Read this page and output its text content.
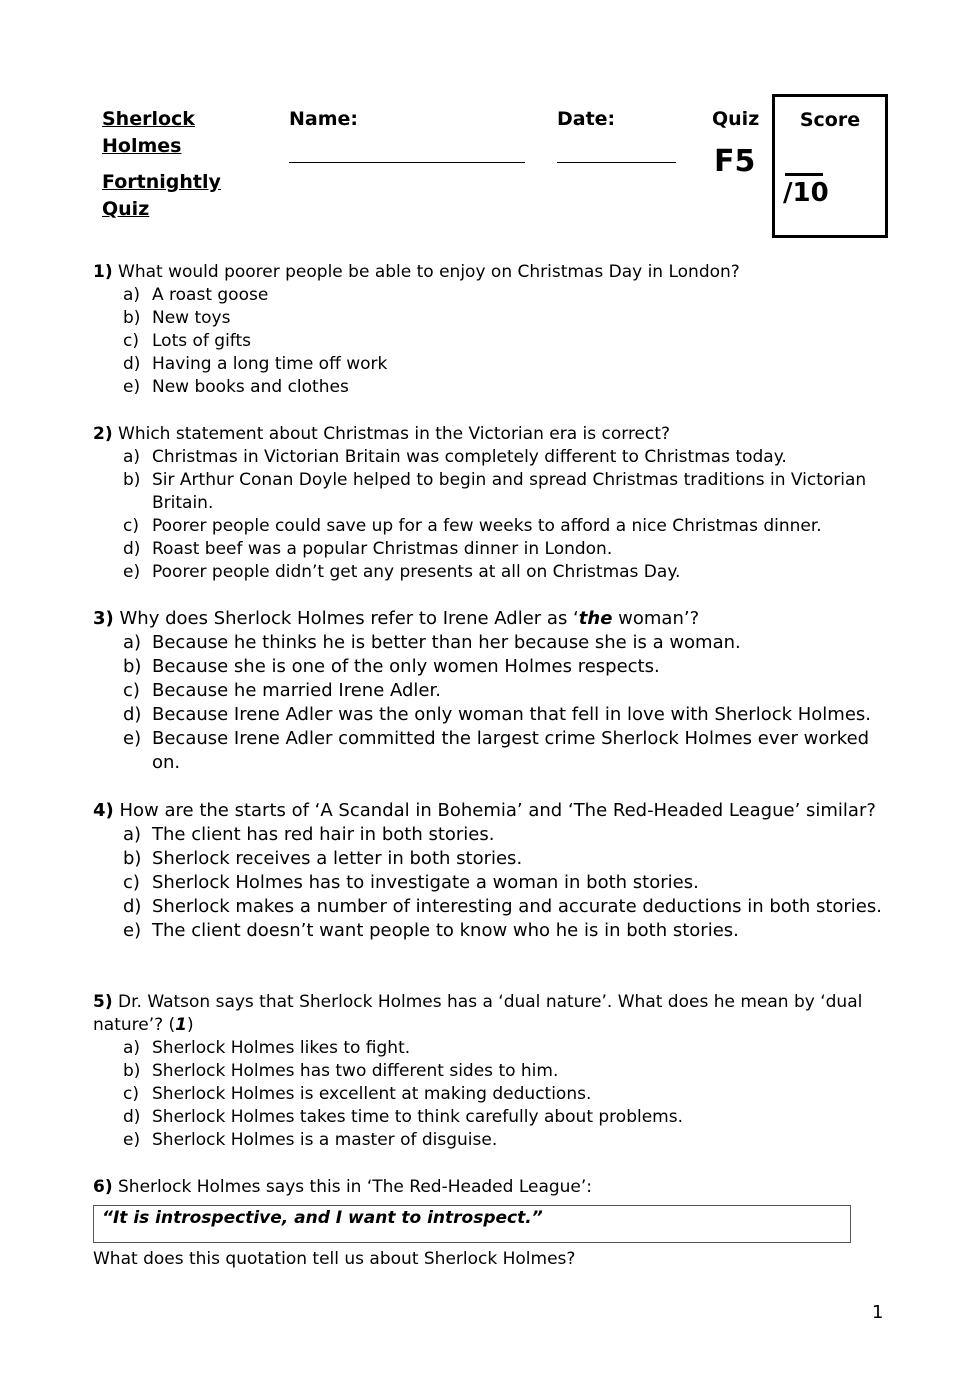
Sherlock
Holmes
Fortnightly
Quiz
Name:	Date:	Quiz
F5
Score
/10
1) What would poorer people be able to enjoy on Christmas Day in London?
a) A roast goose
b) New toys
c) Lots of gifts
d) Having a long time off work
e) New books and clothes
2) Which statement about Christmas in the Victorian era is correct?
a) Christmas in Victorian Britain was completely different to Christmas today.
b) Sir Arthur Conan Doyle helped to begin and spread Christmas traditions in Victorian Britain.
c) Poorer people could save up for a few weeks to afford a nice Christmas dinner.
d) Roast beef was a popular Christmas dinner in London.
e) Poorer people didn’t get any presents at all on Christmas Day.
3) Why does Sherlock Holmes refer to Irene Adler as ‘the woman’?
a) Because he thinks he is better than her because she is a woman.
b) Because she is one of the only women Holmes respects.
c) Because he married Irene Adler.
d) Because Irene Adler was the only woman that fell in love with Sherlock Holmes.
e) Because Irene Adler committed the largest crime Sherlock Holmes ever worked on.
4) How are the starts of ‘A Scandal in Bohemia’ and ‘The Red-Headed League’ similar?
a) The client has red hair in both stories.
b) Sherlock receives a letter in both stories.
c) Sherlock Holmes has to investigate a woman in both stories.
d) Sherlock makes a number of interesting and accurate deductions in both stories.
e) The client doesn’t want people to know who he is in both stories.
5) Dr. Watson says that Sherlock Holmes has a ‘dual nature’. What does he mean by ‘dual nature’? (1)
a) Sherlock Holmes likes to fight.
b) Sherlock Holmes has two different sides to him.
c) Sherlock Holmes is excellent at making deductions.
d) Sherlock Holmes takes time to think carefully about problems.
e) Sherlock Holmes is a master of disguise.
6) Sherlock Holmes says this in ‘The Red-Headed League’:
“It is introspective, and I want to introspect.”
What does this quotation tell us about Sherlock Holmes?
1
